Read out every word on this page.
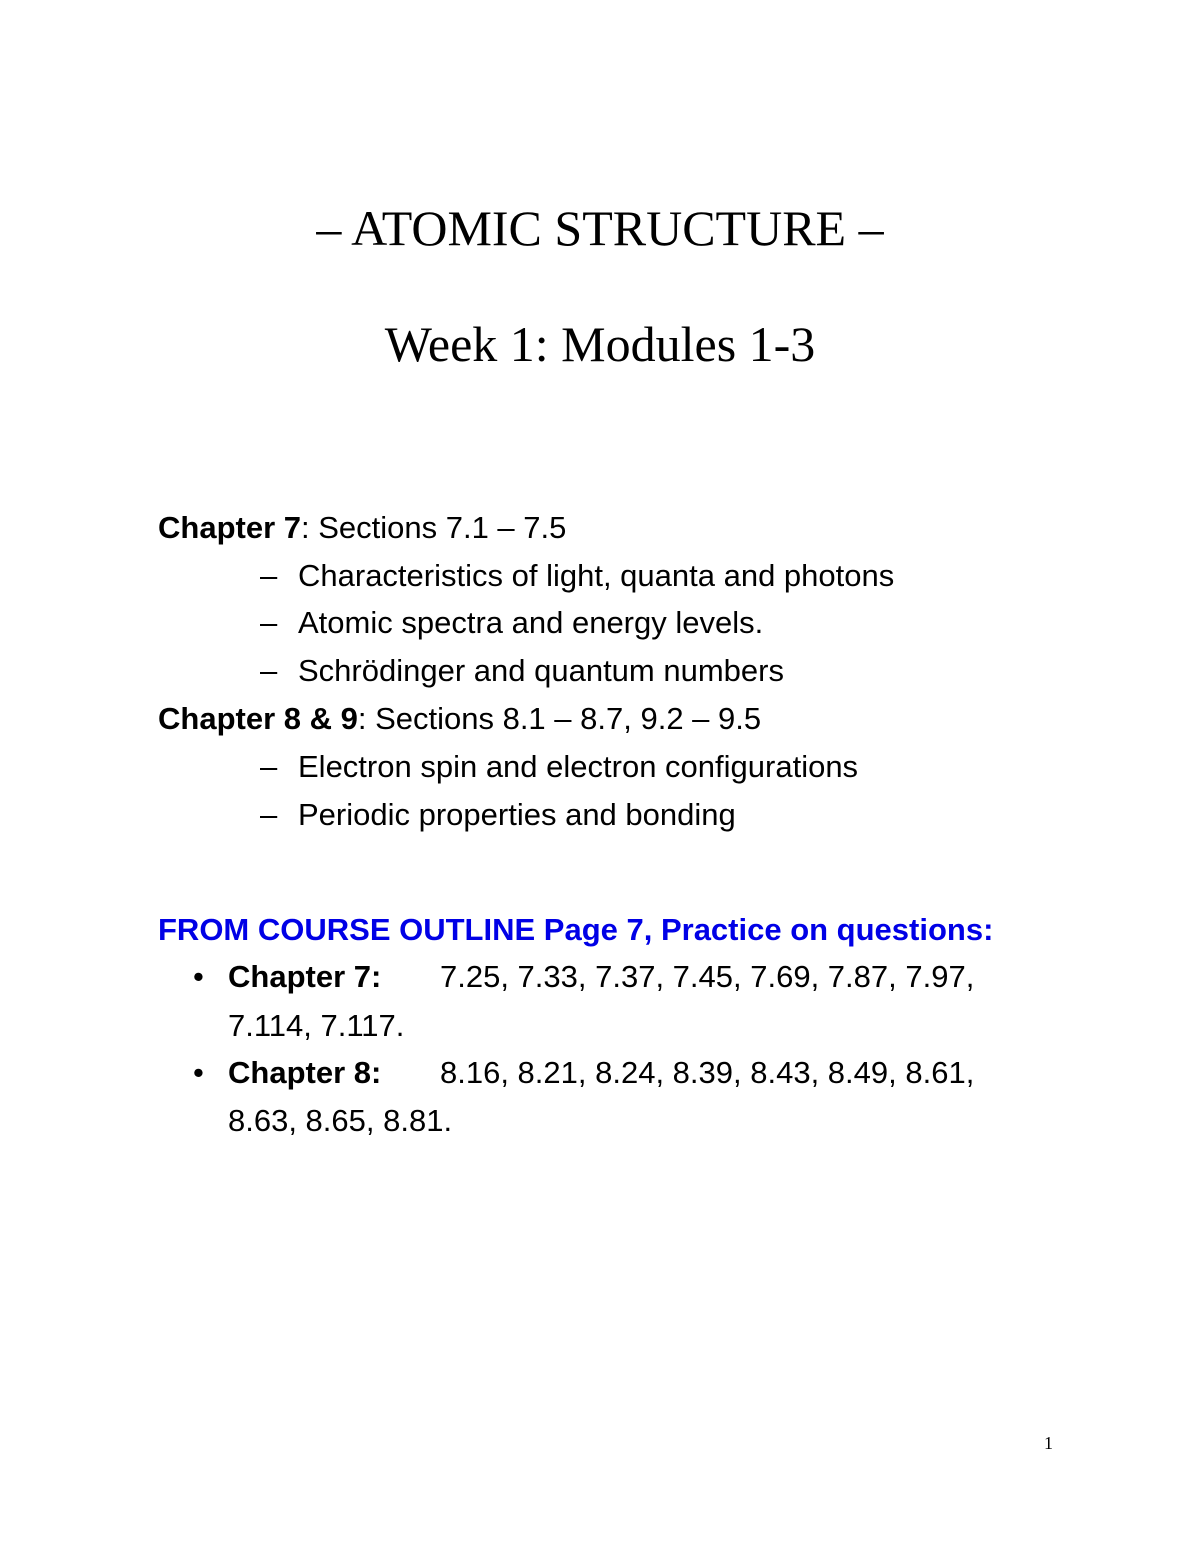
– ATOMIC STRUCTURE –
Week 1: Modules 1-3
Chapter 7: Sections 7.1 – 7.5
– Characteristics of light, quanta and photons
– Atomic spectra and energy levels.
– Schrödinger and quantum numbers
Chapter 8 & 9: Sections 8.1 – 8.7, 9.2 – 9.5
– Electron spin and electron configurations
– Periodic properties and bonding
FROM COURSE OUTLINE Page 7, Practice on questions:
• Chapter 7: 7.25, 7.33, 7.37, 7.45, 7.69, 7.87, 7.97,
7.114, 7.117.
• Chapter 8: 8.16, 8.21, 8.24, 8.39, 8.43, 8.49, 8.61,
8.63, 8.65, 8.81.
1
